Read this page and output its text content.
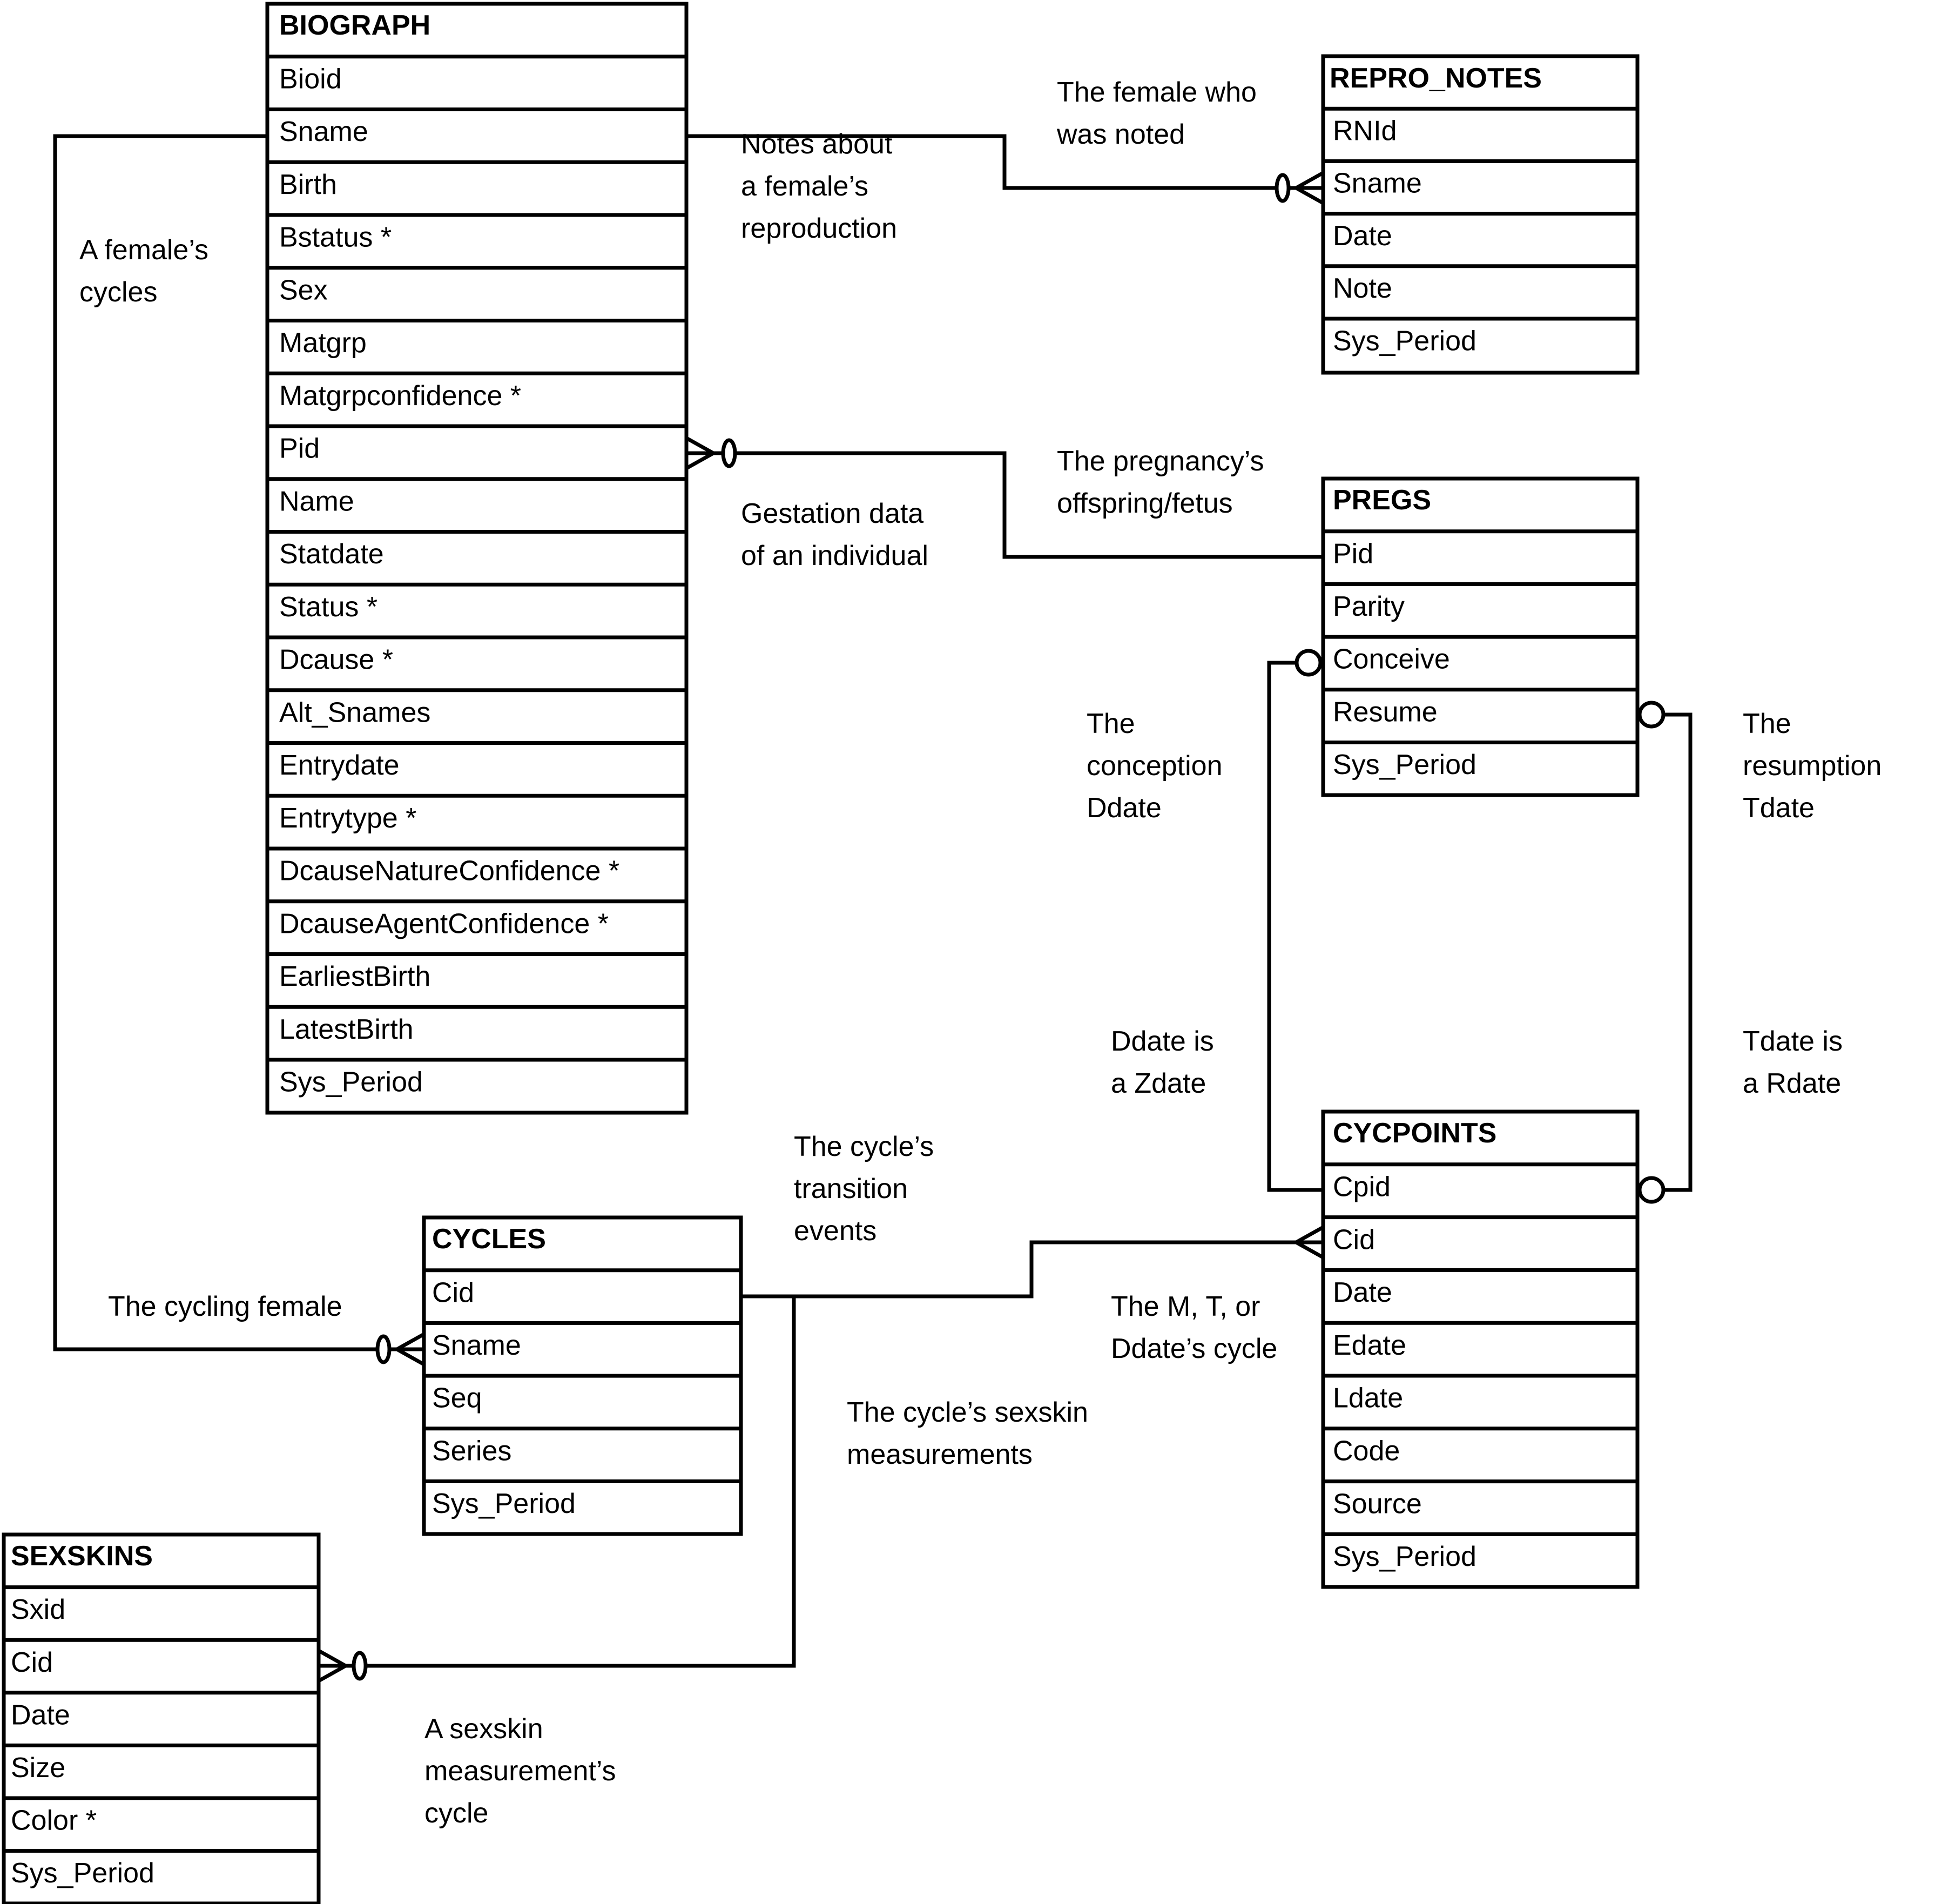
BIOGRAPH
Bioid
Sname
Birth
Bstatus *
Sex
Matgrp
Matgrpconfidence *
Pid
Name
Statdate
Status *
Dcause *
Alt_Snames
Entrydate
Entrytype *
DcauseNatureConfidence *
DcauseAgentConfidence *
EarliestBirth
LatestBirth
Sys_Period
REPRO_NOTES
RNId
Sname
Date
Note
Sys_Period
PREGS
Pid
Parity
Conceive
Resume
Sys_Period
CYCPOINTS
Cpid
Cid
Date
Edate
Ldate
Code
Source
Sys_Period
CYCLES
Cid
Sname
Seq
Series
Sys_Period
SEXSKINS
Sxid
Cid
Date
Size
Color *
Sys_Period
The female who was noted
Notes about a female’s reproduction
A female’s cycles
The pregnancy’s offspring/fetus
Gestation data of an individual
The conception Ddate
The resumption Tdate
Ddate is a Zdate
Tdate is a Rdate
The cycle’s transition events
The cycling female	The M, T, or Ddate’s cycle
The cycle’s sexskin measurements
A sexskin measurement’s cycle
